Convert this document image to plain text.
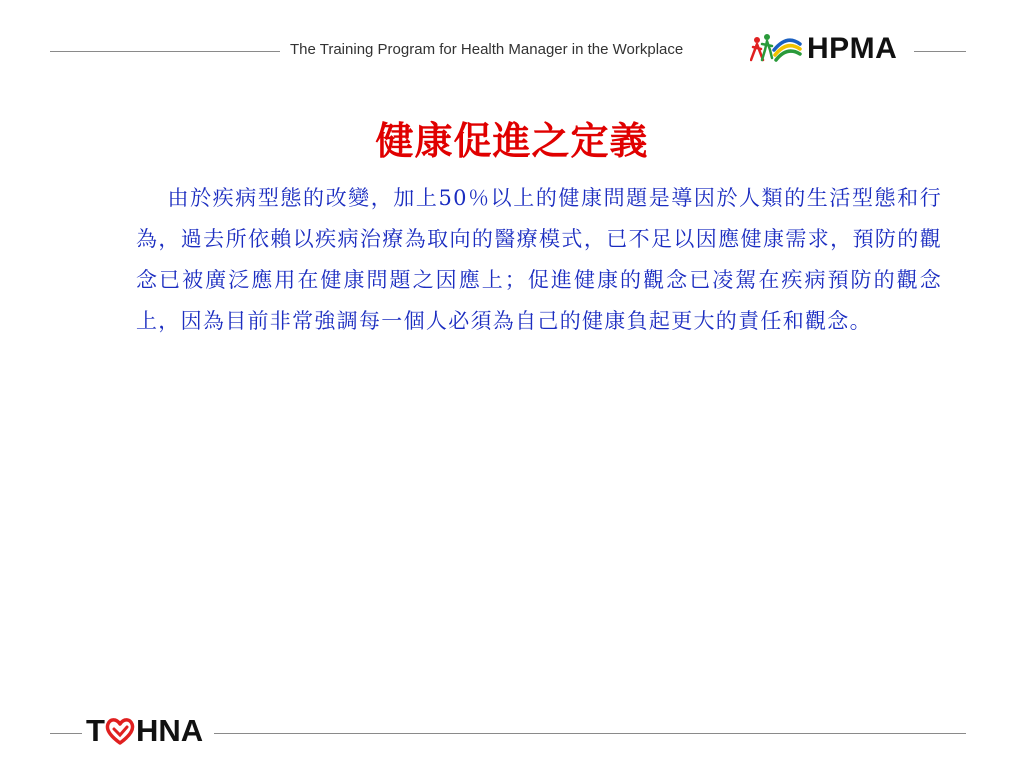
The Training Program for Health Manager in the Workplace	HPMA
健康促進之定義

由於疾病型態的改變，加上50％以上的健康問題是導因於人類的生活型態和行為，過去所依賴以疾病治療為取向的醫療模式，已不足以因應健康需求，預防的觀念已被廣泛應用在健康問題之因應上；促進健康的觀念已凌駕在疾病預防的觀念上，因為目前非常強調每一個人必須為自己的健康負起更大的責任和觀念。

T HNA
